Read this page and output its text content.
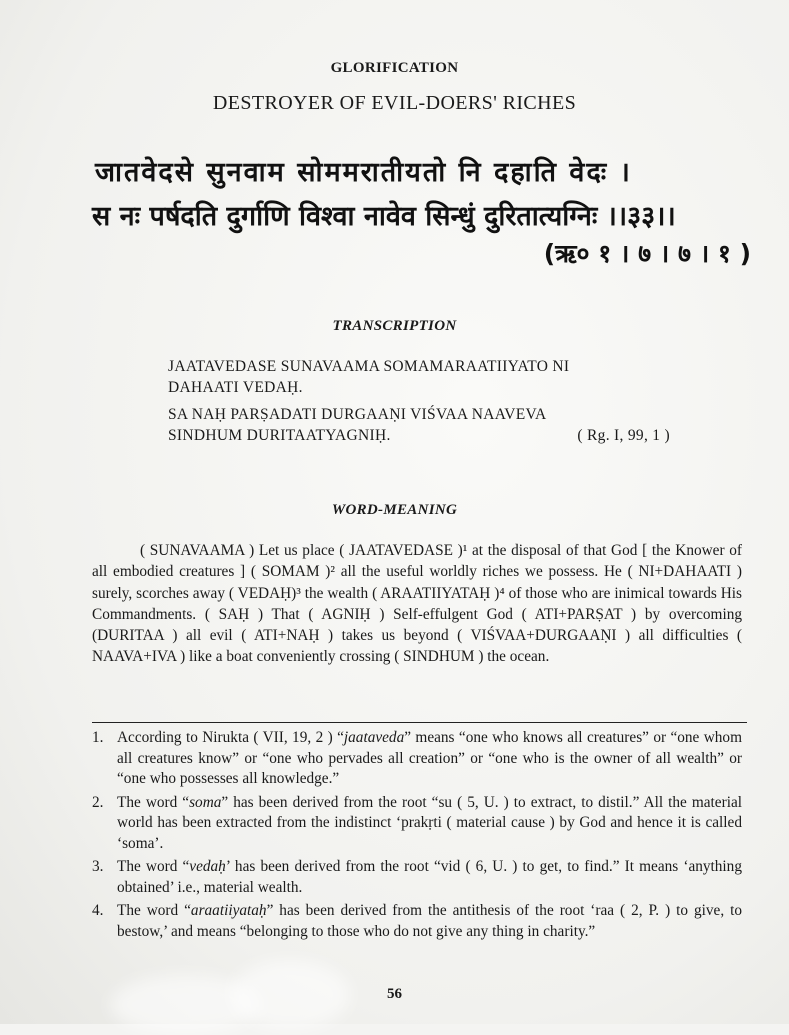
GLORIFICATION
DESTROYER OF EVIL-DOERS' RICHES
जातवेदसे सुनवाम सोममरातीयतो नि दहाति वेदः ।
स नः पर्षदति दुर्गाणि विश्वा नावेव सिन्धुं दुरितात्यग्निः ।।३३।।
(ऋ० १ । ७ । ७ । १ )
TRANSCRIPTION
JAATAVEDASE SUNAVAAMA SOMAMARAATIIYATO NI
DAHAATI VEDAḤ.
SA NAḤ PARṢADATI DURGAAṆI VIŚVAA NAAVEVA
SINDHUM DURITAATYAGNIḤ.	( Rg. I, 99, 1 )
WORD-MEANING

( SUNAVAAMA ) Let us place ( JAATAVEDASE )¹ at the disposal of that God [ the Knower of all embodied creatures ] ( SOMAM )² all the useful worldly riches we possess. He ( NI+DAHAATI ) surely, scorches away ( VEDAḤ)³ the wealth ( ARAATIIYATAḤ )⁴ of those who are inimical towards His Commandments. ( SAḤ ) That ( AGNIḤ ) Self-effulgent God ( ATI+PARṢAT ) by overcoming (DURITAA ) all evil ( ATI+NAḤ ) takes us beyond ( VIŚVAA+DURGAAṆI ) all difficulties ( NAAVA+IVA ) like a boat conveniently crossing ( SINDHUM ) the ocean.

1. According to Nirukta ( VII, 19, 2 ) “jaataveda” means “one who knows all creatures” or “one whom all creatures know” or “one who pervades all creation” or “one who is the owner of all wealth” or “one who possesses all knowledge.”
2. The word “soma” has been derived from the root “su ( 5, U. ) to extract, to distil.” All the material world has been extracted from the indistinct ‘prakṛti ( material cause ) by God and hence it is called ‘soma’.
3. The word “vedaḥ’ has been derived from the root “vid ( 6, U. ) to get, to find.” It means ‘anything obtained’ i.e., material wealth.
4. The word “araatiiyataḥ” has been derived from the antithesis of the root ‘raa ( 2, P. ) to give, to bestow,’ and means “belonging to those who do not give any thing in charity.”
56
